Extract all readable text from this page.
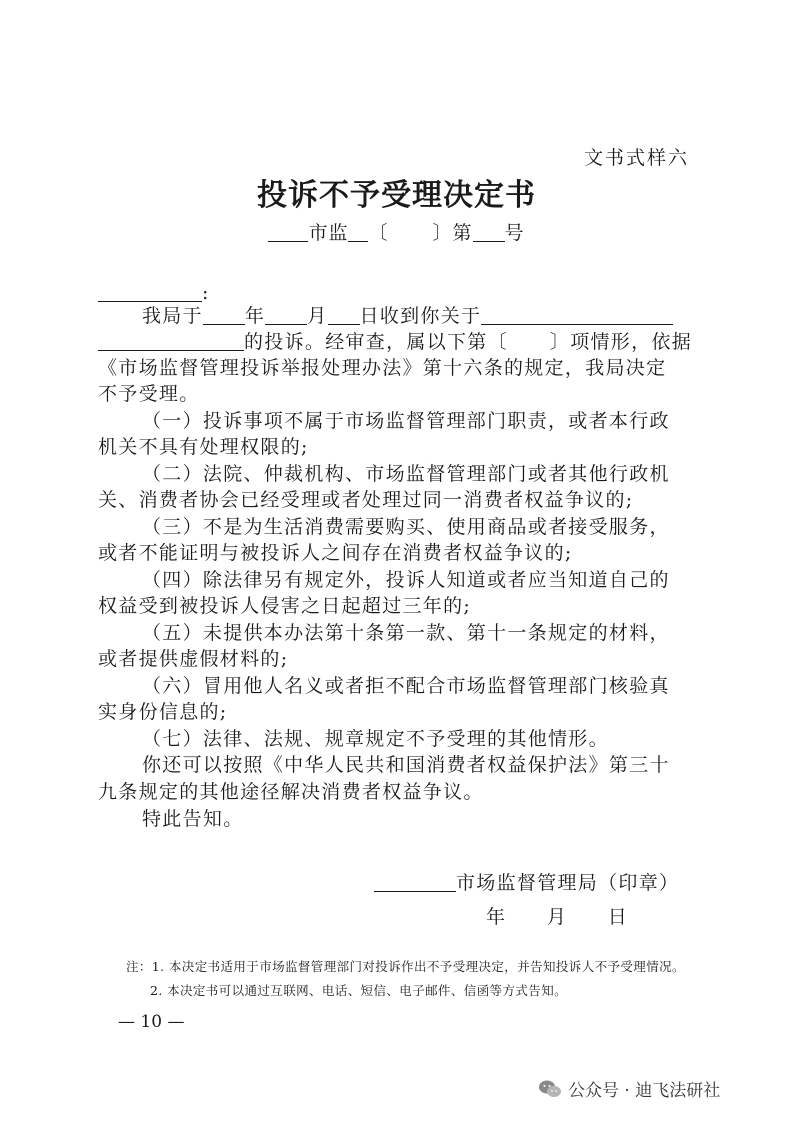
文书式样六
投诉不予受理决定书
市监 〔 〕第 号
:
我局于 年 月 日收到你关于
的投诉。经审查，属以下第〔 〕项情形，依据
《市场监督管理投诉举报处理办法》第十六条的规定，我局决定
不予受理。
（一）投诉事项不属于市场监督管理部门职责，或者本行政
机关不具有处理权限的;
（二）法院、仲裁机构、市场监督管理部门或者其他行政机
关、消费者协会已经受理或者处理过同一消费者权益争议的;
（三）不是为生活消费需要购买、使用商品或者接受服务，
或者不能证明与被投诉人之间存在消费者权益争议的;
（四）除法律另有规定外，投诉人知道或者应当知道自己的
权益受到被投诉人侵害之日起超过三年的;
（五）未提供本办法第十条第一款、第十一条规定的材料，
或者提供虚假材料的;
（六）冒用他人名义或者拒不配合市场监督管理部门核验真
实身份信息的;
（七）法律、法规、规章规定不予受理的其他情形。
你还可以按照《中华人民共和国消费者权益保护法》第三十
九条规定的其他途径解决消费者权益争议。
特此告知。
市场监督管理局（印章）
年　　月　　日
注：1. 本决定书适用于市场监督管理部门对投诉作出不予受理决定，并告知投诉人不予受理情况。
2. 本决定书可以通过互联网、电话、短信、电子邮件、信函等方式告知。
— 10 —
公众号 · 迪飞法研社
